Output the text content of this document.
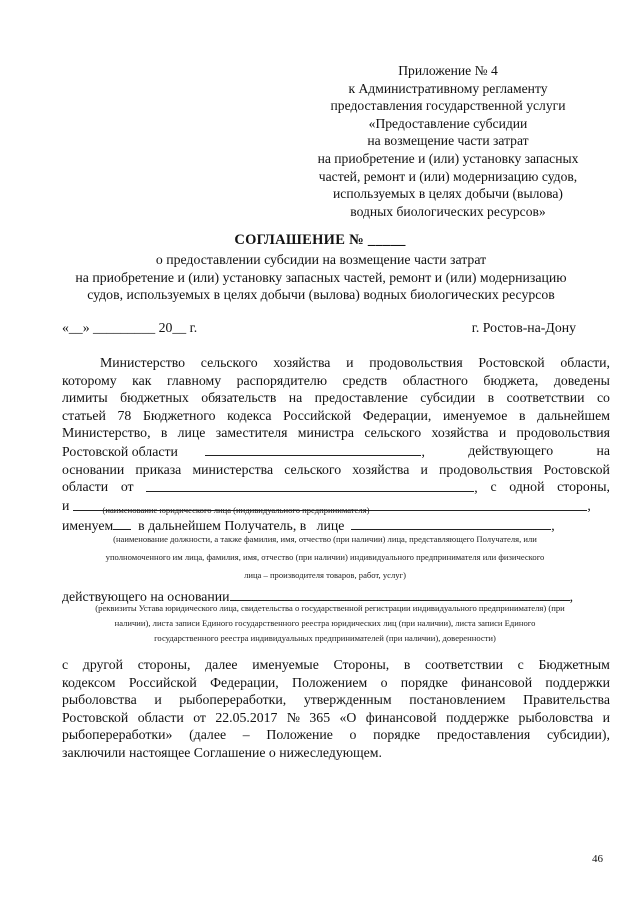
Приложение № 4
к Административному регламенту
предоставления государственной услуги
«Предоставление субсидии
на возмещение части затрат
на приобретение и (или) установку запасных
частей, ремонт и (или) модернизацию судов,
используемых в целях добычи (вылова)
водных биологических ресурсов»
СОГЛАШЕНИЕ № _____
о предоставлении субсидии на возмещение части затрат
на приобретение и (или) установку запасных частей, ремонт и (или) модернизацию
судов, используемых в целях добычи (вылова) водных биологических ресурсов
«__» _________ 20__ г.	г. Ростов-на-Дону
Министерство сельского хозяйства и продовольствия Ростовской области,
которому как главному распорядителю средств областного бюджета, доведены
лимиты бюджетных обязательств на предоставление субсидии в соответствии со
статьей 78 Бюджетного кодекса Российской Федерации, именуемое в дальнейшем
Министерство, в лице заместителя министра сельского хозяйства и продовольствия
Ростовской области	,	действующего	на
основании приказа министерства сельского хозяйства и продовольствия Ростовской
области от	, с одной стороны,
и	,
(наименование юридического лица (индивидуального предпринимателя)
именуем в дальнейшем Получатель, в лице	,
(наименование должности, а также фамилия, имя, отчество (при наличии) лица, представляющего Получателя, или
уполномоченного им лица, фамилия, имя, отчество (при наличии) индивидуального предпринимателя или физического
лица – производителя товаров, работ, услуг)
действующего на основании	,
(реквизиты Устава юридического лица, свидетельства о государственной регистрации индивидуального предпринимателя) (при
наличии), листа записи Единого государственного реестра юридических лиц (при наличии), листа записи Единого
государственного реестра индивидуальных предпринимателей (при наличии), доверенности)
с другой стороны, далее именуемые Стороны, в соответствии с Бюджетным
кодексом Российской Федерации, Положением о порядке финансовой поддержки
рыболовства и рыбопереработки, утвержденным постановлением Правительства
Ростовской области от 22.05.2017 № 365 «О финансовой поддержке рыболовства и
рыбопереработки» (далее – Положение о порядке предоставления субсидии),
заключили настоящее Соглашение о нижеследующем.
46
